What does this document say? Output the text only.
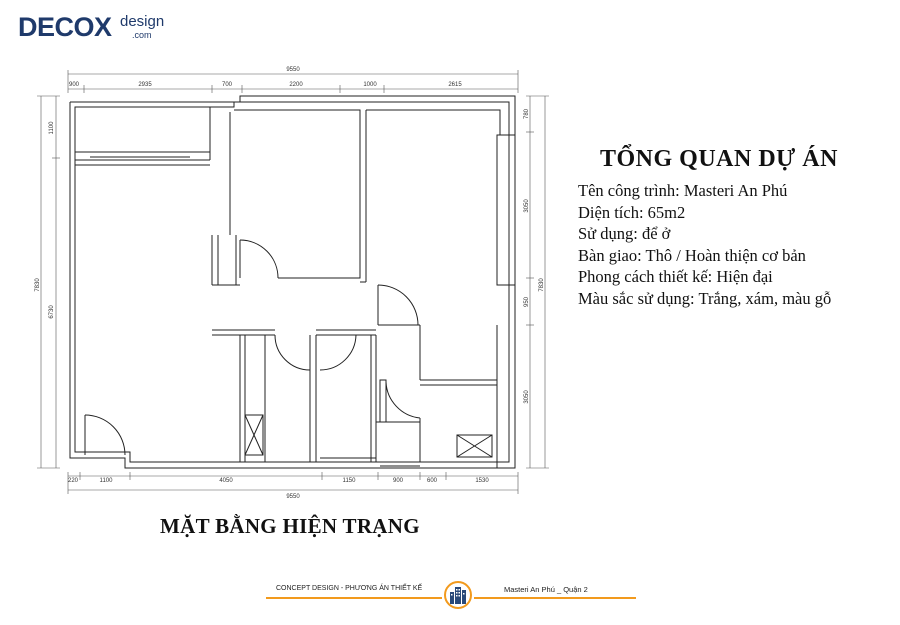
DECOX design
.com
9550
900	2935	700	2200	1000	2615
220	1100	4050	1150	900	600	1530
9550
7830
1100
6730
780
3050
950
3050
7830
TỔNG QUAN DỰ ÁN
Tên công trình: Masteri An Phú
Diện tích: 65m2
Sử dụng: để ở
Bàn giao: Thô / Hoàn thiện cơ bản
Phong cách thiết kế: Hiện đại
Màu sắc sử dụng: Trắng, xám, màu gỗ
MẶT BẰNG HIỆN TRẠNG
CONCEPT DESIGN - PHƯƠNG ÁN THIẾT KẾ	Masteri An Phú _ Quận 2
